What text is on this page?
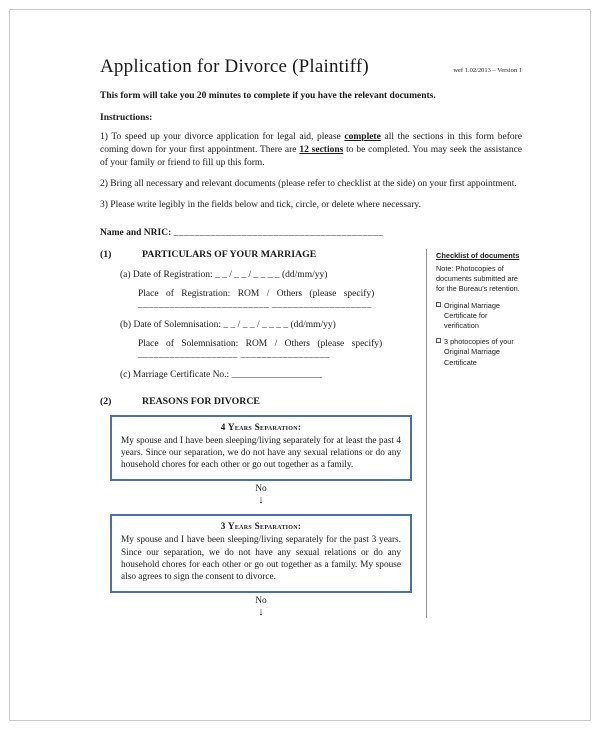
Application for Divorce (Plaintiff)	wef 1.02/2013 – Version 1

This form will take you 20 minutes to complete if you have the relevant documents.

Instructions:

1) To speed up your divorce application for legal aid, please complete all the sections in this form before coming down for your first appointment. There are 12 sections to be completed. You may seek the assistance of your family or friend to fill up this form.

2) Bring all necessary and relevant documents (please refer to checklist at the side) on your first appointment.

3) Please write legibly in the fields below and tick, circle, or delete where necessary.

Name and NRIC: ________________________________________

(1)	PARTICULARS OF YOUR MARRIAGE

(a) Date of Registration: _ _ / _ _ / _ _ _ _ (dd/mm/yy)

Place of Registration: ROM / Others (please specify)

_________________________ ___________________

(b) Date of Solemnisation: _ _ / _ _ / _ _ _ _ (dd/mm/yy)

Place of Solemnisation: ROM / Others (please specify)

___________________ _________________

(c) Marriage Certificate No.: ___________________

(2)	REASONS FOR DIVORCE
4 Years Separation:
My spouse and I have been sleeping/living separately for at least the past 4 years. Since our separation, we do not have any sexual relations or do any household chores for each other or go out together as a family.
No
↓
3 Years Separation:
My spouse and I have been sleeping/living separately for the past 3 years. Since our separation, we do not have any sexual relations or do any household chores for each other or go out together as a family. My spouse also agrees to sign the consent to divorce.
No
↓
Checklist of documents
Note: Photocopies of documents submitted are for the Bureau's retention.
Original Marriage Certificate for verification
3 photocopies of your Original Marriage Certificate
